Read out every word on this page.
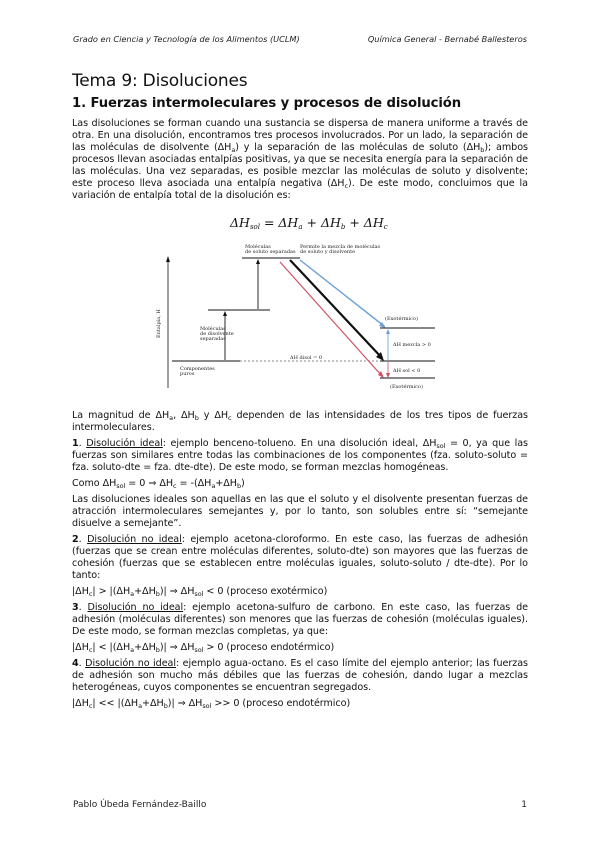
Grado en Ciencia y Tecnología de los Alimentos (UCLM)	Química General - Bernabé Ballesteros
Tema 9: Disoluciones
1. Fuerzas intermoleculares y procesos de disolución

Las disoluciones se forman cuando una sustancia se dispersa de manera uniforme a través de otra. En una disolución, encontramos tres procesos involucrados. Por un lado, la separación de las moléculas de disolvente $(\Delta H_a)$ y la separación de las moléculas de soluto $(\Delta H_b)$; ambos procesos llevan asociadas entalpías positivas, ya que se necesita energía para la separación de las moléculas. Una vez separadas, es posible mezclar las moléculas de soluto y disolvente; este proceso lleva asociada una entalpía negativa $(\Delta H_c)$. De este modo, concluimos que la variación de entalpía total de la disolución es:

$\Delta H_{sol} = \Delta H_a + \Delta H_b + \Delta H_c$
Entalpía, H
Moléculas
de soluto separadas
Permite la mezcla de moléculas
de soluto y disolvente
Moléculas
de disolvente
separadas
Componentes
puros
(Exotérmico)
ΔH mezcla > 0
ΔH disol = 0
ΔH sol < 0
(Exotérmico)

La magnitud de $\Delta H_a$, $\Delta H_b$ y $\Delta H_c$ dependen de las intensidades de los tres tipos de fuerzas intermoleculares.

1. Disolución ideal: ejemplo benceno-tolueno. En una disolución ideal, $\Delta H_{sol} = 0$, ya que las fuerzas son similares entre todas las combinaciones de los componentes (fza. soluto-soluto = fza. soluto-dte = fza. dte-dte). De este modo, se forman mezclas homogéneas.

Como $\Delta H_{sol} = 0$ ⇒ $\Delta H_c = -(\Delta H_a+\Delta H_b)$

Las disoluciones ideales son aquellas en las que el soluto y el disolvente presentan fuerzas de atracción intermoleculares semejantes y, por lo tanto, son solubles entre sí: “semejante disuelve a semejante”.

2. Disolución no ideal: ejemplo acetona-cloroformo. En este caso, las fuerzas de adhesión (fuerzas que se crean entre moléculas diferentes, soluto-dte) son mayores que las fuerzas de cohesión (fuerzas que se establecen entre moléculas iguales, soluto-soluto / dte-dte). Por lo tanto:

$|\Delta H_c| > |(\Delta H_a+\Delta H_b)|$ ⇒ $\Delta H_{sol} < 0$ (proceso exotérmico)

3. Disolución no ideal: ejemplo acetona-sulfuro de carbono. En este caso, las fuerzas de adhesión (moléculas diferentes) son menores que las fuerzas de cohesión (moléculas iguales). De este modo, se forman mezclas completas, ya que:

$|\Delta H_c| < |(\Delta H_a+\Delta H_b)|$ ⇒ $\Delta H_{sol} > 0$ (proceso endotérmico)

4. Disolución no ideal: ejemplo agua-octano. Es el caso límite del ejemplo anterior; las fuerzas de adhesión son mucho más débiles que las fuerzas de cohesión, dando lugar a mezclas heterogéneas, cuyos componentes se encuentran segregados.

$|\Delta H_c| << |(\Delta H_a+\Delta H_b)|$ ⇒ $\Delta H_{sol} >> 0$ (proceso endotérmico)

Pablo Úbeda Fernández-Baillo	1
